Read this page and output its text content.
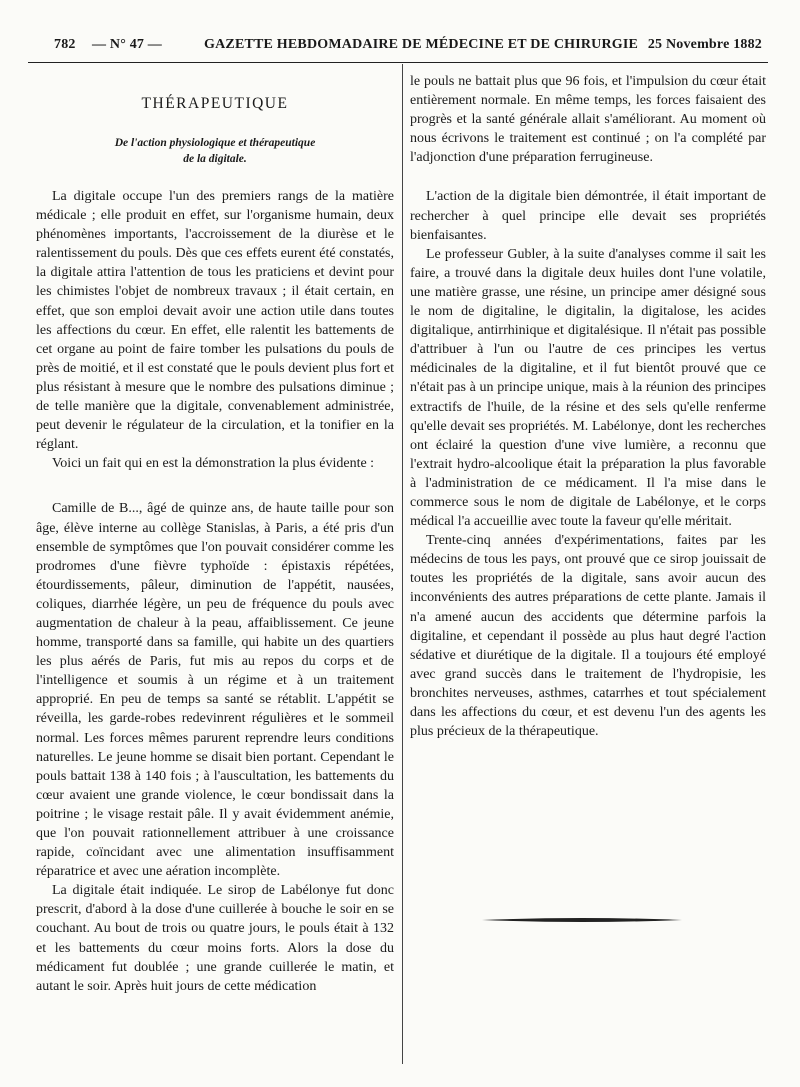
782 — N° 47 —	GAZETTE HEBDOMADAIRE DE MÉDECINE ET DE CHIRURGIE 25 Novembre 1882
THÉRAPEUTIQUE
De l'action physiologique et thérapeutique
de la digitale.

La digitale occupe l'un des premiers rangs de la matière médicale ; elle produit en effet, sur l'organisme humain, deux phénomènes importants, l'accroissement de la diurèse et le ralentissement du pouls. Dès que ces effets eurent été constatés, la digitale attira l'attention de tous les praticiens et devint pour les chimistes l'objet de nombreux travaux ; il était certain, en effet, que son emploi devait avoir une action utile dans toutes les affections du cœur. En effet, elle ralentit les battements de cet organe au point de faire tomber les pulsations du pouls de près de moitié, et il est constaté que le pouls devient plus fort et plus résistant à mesure que le nombre des pulsations diminue ; de telle manière que la digitale, convenablement administrée, peut devenir le régulateur de la circulation, et la tonifier en la réglant.

Voici un fait qui en est la démonstration la plus évidente :

Camille de B..., âgé de quinze ans, de haute taille pour son âge, élève interne au collège Stanislas, à Paris, a été pris d'un ensemble de symptômes que l'on pouvait considérer comme les prodromes d'une fièvre typhoïde : épistaxis répétées, étourdissements, pâleur, diminution de l'appétit, nausées, coliques, diarrhée légère, un peu de fréquence du pouls avec augmentation de chaleur à la peau, affaiblissement. Ce jeune homme, transporté dans sa famille, qui habite un des quartiers les plus aérés de Paris, fut mis au repos du corps et de l'intelligence et soumis à un régime et à un traitement approprié. En peu de temps sa santé se rétablit. L'appétit se réveilla, les garde-robes redevinrent régulières et le sommeil normal. Les forces mêmes parurent reprendre leurs conditions naturelles. Le jeune homme se disait bien portant. Cependant le pouls battait 138 à 140 fois ; à l'auscultation, les battements du cœur avaient une grande violence, le cœur bondissait dans la poitrine ; le visage restait pâle. Il y avait évidemment anémie, que l'on pouvait rationnellement attribuer à une croissance rapide, coïncidant avec une alimentation insuffisamment réparatrice et avec une aération incomplète.

La digitale était indiquée. Le sirop de Labélonye fut donc prescrit, d'abord à la dose d'une cuillerée à bouche le soir en se couchant. Au bout de trois ou quatre jours, le pouls était à 132 et les battements du cœur moins forts. Alors la dose du médicament fut doublée ; une grande cuillerée le matin, et autant le soir. Après huit jours de cette médication

le pouls ne battait plus que 96 fois, et l'impulsion du cœur était entièrement normale. En même temps, les forces faisaient des progrès et la santé générale allait s'améliorant. Au moment où nous écrivons le traitement est continué ; on l'a complété par l'adjonction d'une préparation ferrugineuse.

L'action de la digitale bien démontrée, il était important de rechercher à quel principe elle devait ses propriétés bienfaisantes.

Le professeur Gubler, à la suite d'analyses comme il sait les faire, a trouvé dans la digitale deux huiles dont l'une volatile, une matière grasse, une résine, un principe amer désigné sous le nom de digitaline, le digitalin, la digitalose, les acides digitalique, antirrhinique et digitalésique. Il n'était pas possible d'attribuer à l'un ou l'autre de ces principes les vertus médicinales de la digitaline, et il fut bientôt prouvé que ce n'était pas à un principe unique, mais à la réunion des principes extractifs de l'huile, de la résine et des sels qu'elle renferme qu'elle devait ses propriétés. M. Labélonye, dont les recherches ont éclairé la question d'une vive lumière, a reconnu que l'extrait hydro-alcoolique était la préparation la plus favorable à l'administration de ce médicament. Il l'a mise dans le commerce sous le nom de digitale de Labélonye, et le corps médical l'a accueillie avec toute la faveur qu'elle méritait.

Trente-cinq années d'expérimentations, faites par les médecins de tous les pays, ont prouvé que ce sirop jouissait de toutes les propriétés de la digitale, sans avoir aucun des inconvénients des autres préparations de cette plante. Jamais il n'a amené aucun des accidents que détermine parfois la digitaline, et cependant il possède au plus haut degré l'action sédative et diurétique de la digitale. Il a toujours été employé avec grand succès dans le traitement de l'hydropisie, les bronchites nerveuses, asthmes, catarrhes et tout spécialement dans les affections du cœur, et est devenu l'un des agents les plus précieux de la thérapeutique.
